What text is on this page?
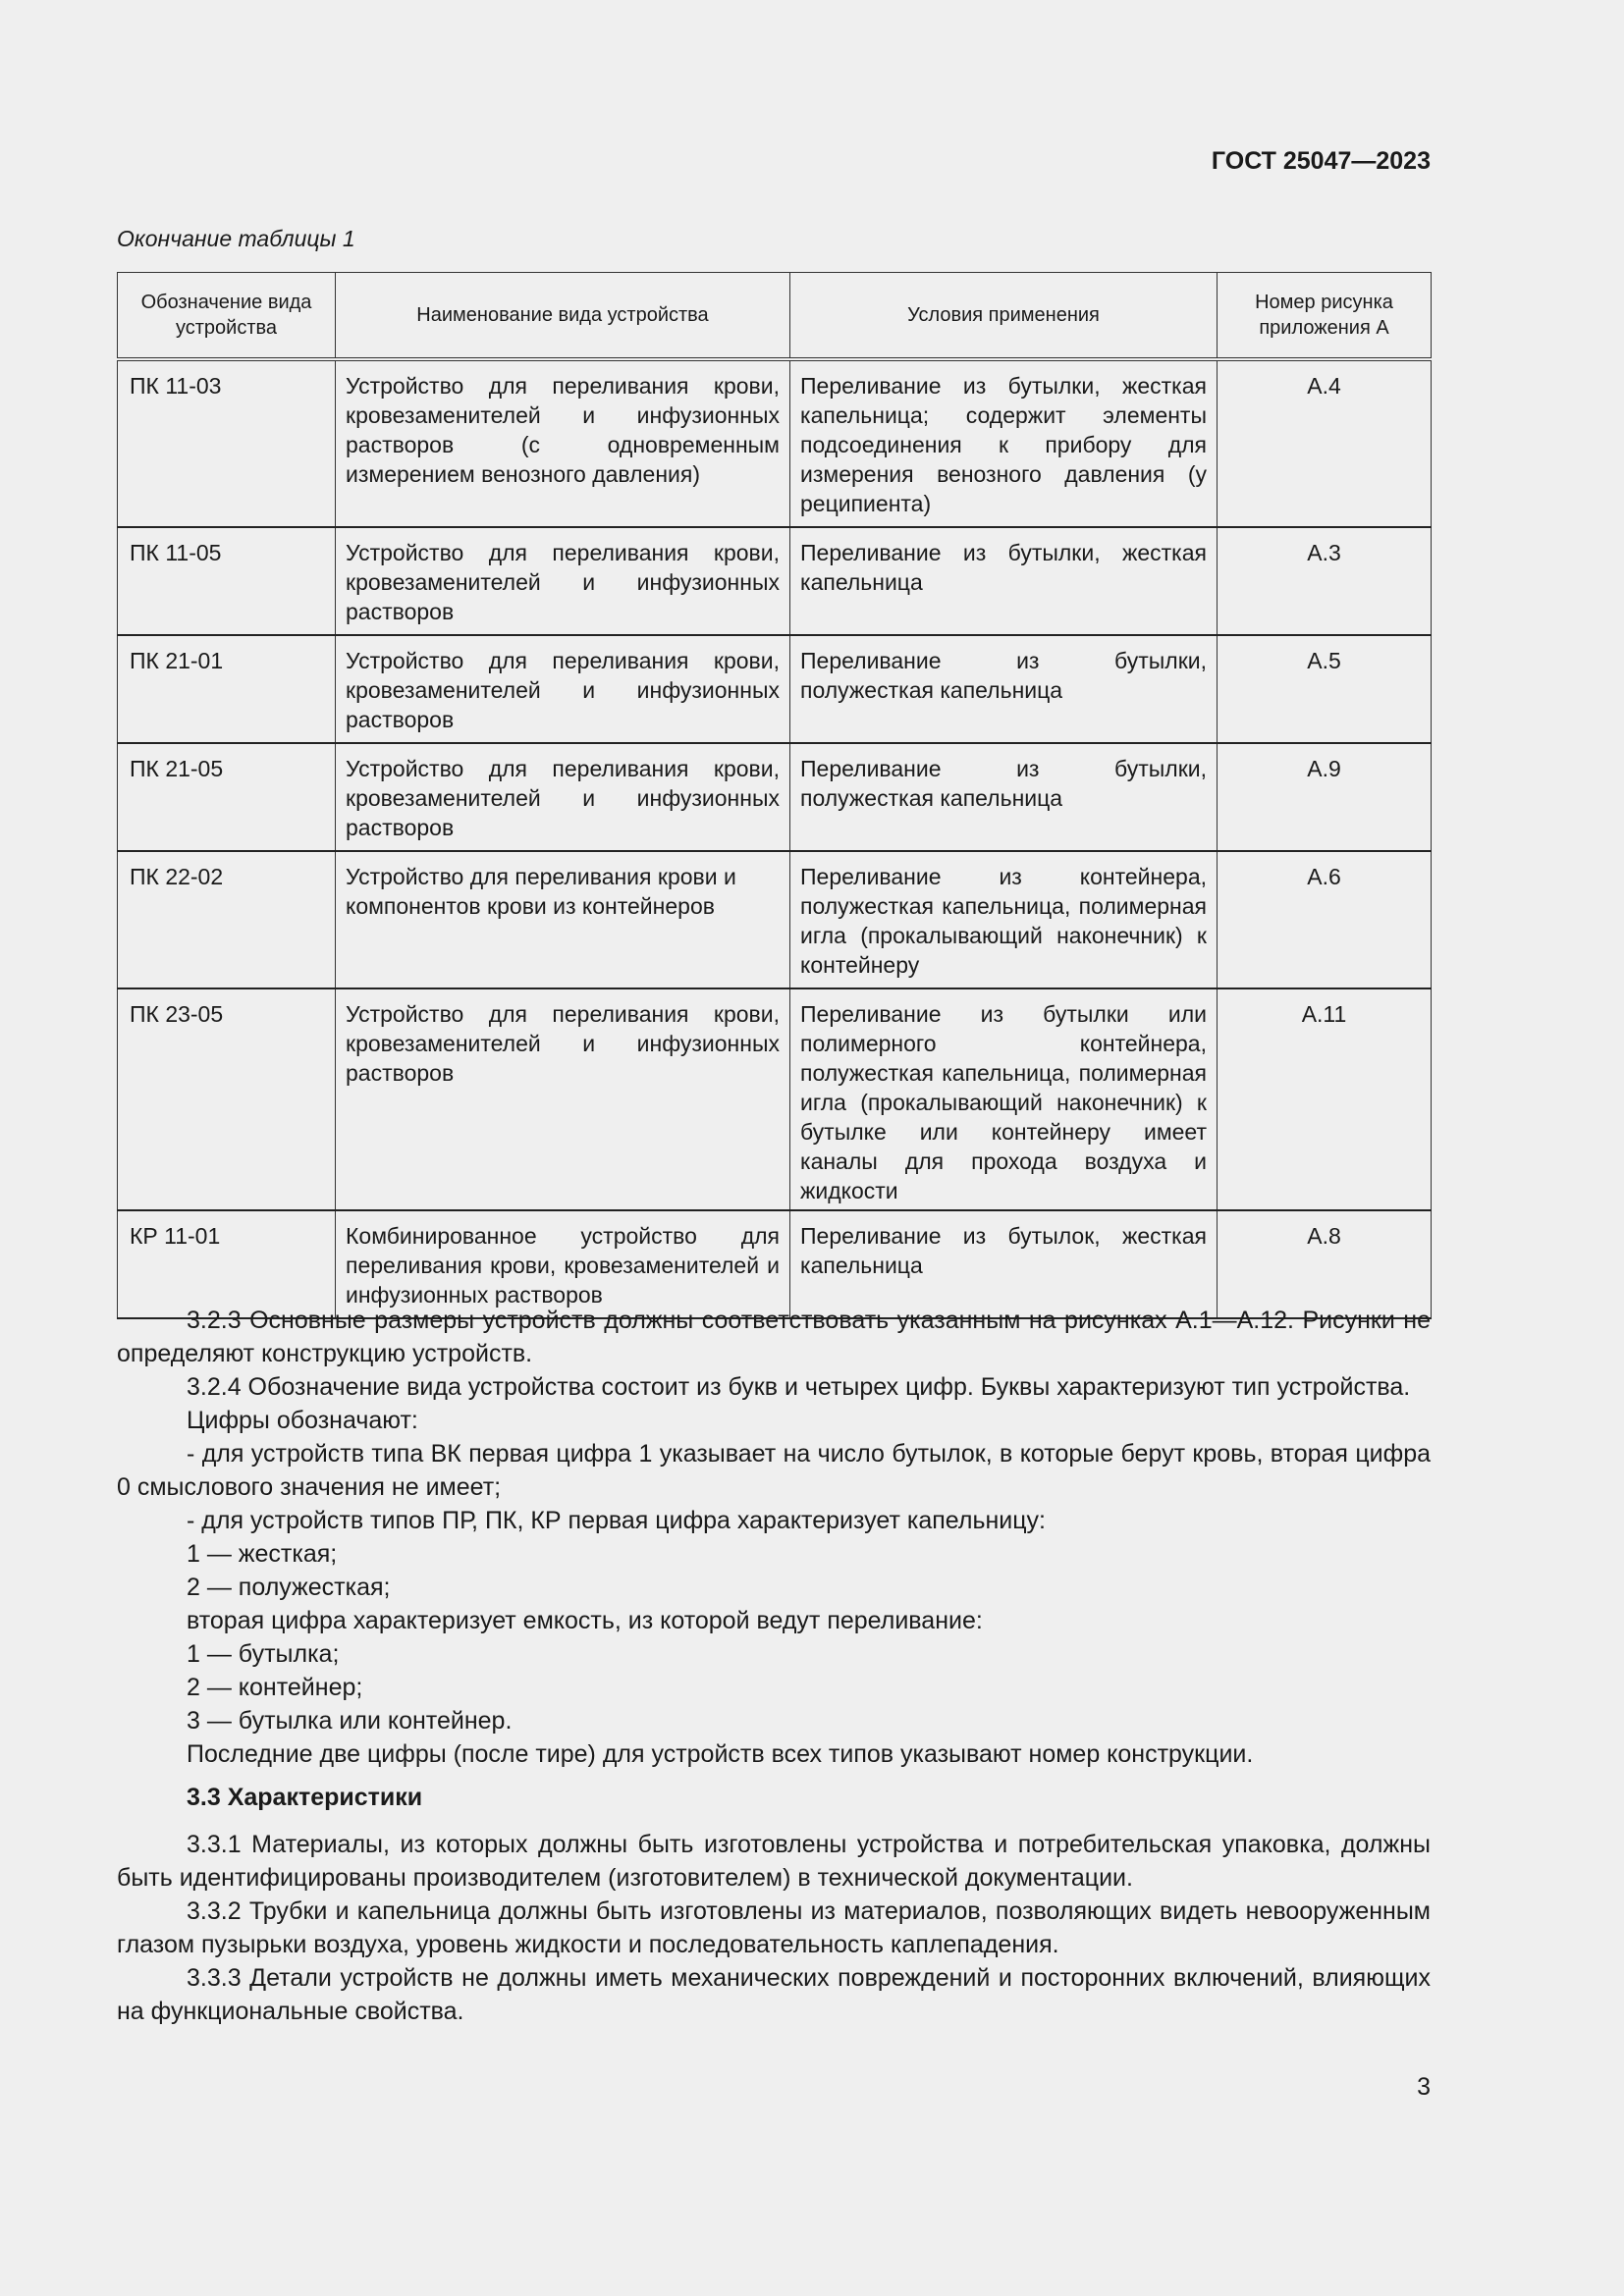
ГОСТ 25047—2023
Окончание таблицы 1
Обозначение вида устройства	Наименование вида устройства	Условия применения	Номер рисунка приложения А
ПК 11-03	Устройство для переливания крови, кровезаменителей и инфузионных растворов (с одновременным измерением венозного давления)	Переливание из бутылки, жесткая капельница; содержит элементы подсоединения к прибору для измерения венозного давления (у реципиента)	А.4
ПК 11-05	Устройство для переливания крови, кровезаменителей и инфузионных растворов	Переливание из бутылки, жесткая капельница	А.3
ПК 21-01	Устройство для переливания крови, кровезаменителей и инфузионных растворов	Переливание из бутылки, полужесткая капельница	А.5
ПК 21-05	Устройство для переливания крови, кровезаменителей и инфузионных растворов	Переливание из бутылки, полужесткая капельница	А.9
ПК 22-02	Устройство для переливания крови и компонентов крови из контейнеров	Переливание из контейнера, полужесткая капельница, полимерная игла (прокалывающий наконечник) к контейнеру	А.6
ПК 23-05	Устройство для переливания крови, кровезаменителей и инфузионных растворов	Переливание из бутылки или полимерного контейнера, полужесткая капельница, полимерная игла (прокалывающий наконечник) к бутылке или контейнеру имеет каналы для прохода воздуха и жидкости	А.11
КР 11-01	Комбинированное устройство для переливания крови, кровезаменителей и инфузионных растворов	Переливание из бутылок, жесткая капельница	А.8

3.2.3 Основные размеры устройств должны соответствовать указанным на рисунках А.1—А.12. Рисунки не определяют конструкцию устройств.

3.2.4 Обозначение вида устройства состоит из букв и четырех цифр. Буквы характеризуют тип устройства.

Цифры обозначают:

- для устройств типа ВК первая цифра 1 указывает на число бутылок, в которые берут кровь, вторая цифра 0 смыслового значения не имеет;

- для устройств типов ПР, ПК, КР первая цифра характеризует капельницу:

1 — жесткая;

2 — полужесткая;

вторая цифра характеризует емкость, из которой ведут переливание:

1 — бутылка;

2 — контейнер;

3 — бутылка или контейнер.

Последние две цифры (после тире) для устройств всех типов указывают номер конструкции.

3.3 Характеристики

3.3.1 Материалы, из которых должны быть изготовлены устройства и потребительская упаковка, должны быть идентифицированы производителем (изготовителем) в технической документации.

3.3.2 Трубки и капельница должны быть изготовлены из материалов, позволяющих видеть невооруженным глазом пузырьки воздуха, уровень жидкости и последовательность каплепадения.

3.3.3 Детали устройств не должны иметь механических повреждений и посторонних включений, влияющих на функциональные свойства.

3
